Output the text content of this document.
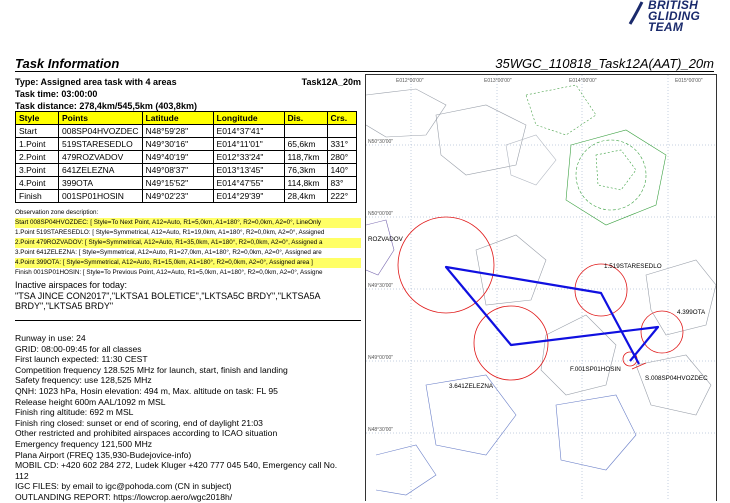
BRITISH
GLIDING
TEAM
Task Information	35WGC_110818_Task12A(AAT)_20m
Type: Assigned area task with 4 areas	Task12A_20m
Task time: 03:00:00
Task distance: 278,4km/545,5km (403,8km)
Style	Points	Latitude	Longitude	Dis.	Crs.
Start	008SP04HVOZDEC	N48°59'28"	E014°37'41"		
1.Point	519STARESEDLO	N49°30'16"	E014°11'01"	65,6km	331°
2.Point	479ROZVADOV	N49°40'19"	E012°33'24"	118,7km	280°
3.Point	641ZELEZNA	N49°08'37"	E013°13'45"	76,3km	140°
4.Point	399OTA	N49°15'52"	E014°47'55"	114,8km	83°
Finish	001SP01HOSIN	N49°02'23"	E014°29'39"	28,4km	222°
Observation zone description:
Start 008SP04HVOZDEC: [ Style=To Next Point, A12=Auto, R1=5,0km, A1=180°, R2=0,0km, A2=0°, LineOnly
1.Point 519STARESEDLO: [ Style=Symmetrical, A12=Auto, R1=19,0km, A1=180°, R2=0,0km, A2=0°, Assigned
2.Point 479ROZVADOV: [ Style=Symmetrical, A12=Auto, R1=35,0km, A1=180°, R2=0,0km, A2=0°, Assigned a
3.Point 641ZELEZNA: [ Style=Symmetrical, A12=Auto, R1=27,0km, A1=180°, R2=0,0km, A2=0°, Assigned are
4.Point 399OTA: [ Style=Symmetrical, A12=Auto, R1=15,0km, A1=180°, R2=0,0km, A2=0°, Assigned area ]
Finish 001SP01HOSIN: [ Style=To Previous Point, A12=Auto, R1=5,0km, A1=180°, R2=0,0km, A2=0°, Assigne
Inactive airspaces for today:
"TSA JINCE CON2017","LKTSA1 BOLETICE","LKTSA5C BRDY","LKTSA5A BRDY","LKTSA5 BRDY"
Runway in use: 24
GRID: 08:00-09:45 for all classes
First launch expected: 11:30 CEST
Competition frequency 128.525 MHz for launch, start, finish and landing
Safety frequency: use 128,525 MHz
QNH: 1023 hPa, Hosin elevation: 494 m, Max. altitude on task: FL 95
Release height 600m AAL/1092 m MSL
Finish ring altitude: 692 m MSL
Finish ring closed: sunset or end of scoring, end of daylight 21:03
Other restricted and prohibited airspaces according to ICAO situation
Emergency frequency 121,500 MHz
Plana Airport (FREQ 135,930-Budejovice-info)
MOBIL CD: +420 602 284 272, Ludek Kluger +420 777 045 540, Emergency call No.
112
IGC FILES: by email to igc@pohoda.com (CN in subject)
OUTLANDING REPORT: https://lowcrop.aero/wgc2018h/
E012°00'00"	E013°00'00"	E014°00'00"	E015°00'00"
N50°30'00"
N50°00'00"
N49°30'00"
N49°00'00"
N48°30'00"
ROZVADOV
1.519STARESEDLO
4.399OTA
3.641ZELEZNA
F.001SP01HOSIN
S.008SP04HVOZDEC
